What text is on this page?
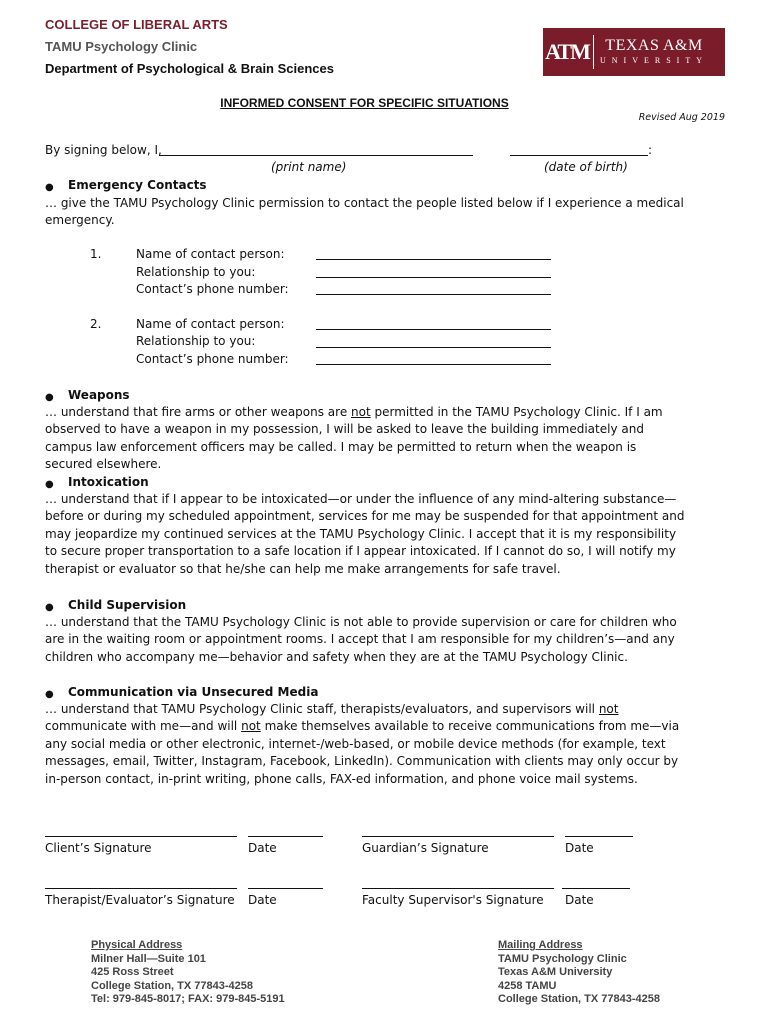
COLLEGE OF LIBERAL ARTS
TAMU Psychology Clinic
Department of Psychological & Brain Sciences
ATM TEXAS A&M
UNIVERSITY
INFORMED CONSENT FOR SPECIFIC SITUATIONS
Revised Aug 2019
By signing below, I,	:
(print name)	(date of birth)
● Emergency Contacts
… give the TAMU Psychology Clinic permission to contact the people listed below if I experience a medical emergency.
1.	Name of contact person:
Relationship to you:
Contact’s phone number:
2.	Name of contact person:
Relationship to you:
Contact’s phone number:
● Weapons
… understand that fire arms or other weapons are not permitted in the TAMU Psychology Clinic. If I am observed to have a weapon in my possession, I will be asked to leave the building immediately and campus law enforcement officers may be called. I may be permitted to return when the weapon is secured elsewhere.
● Intoxication
… understand that if I appear to be intoxicated—or under the influence of any mind-altering substance—before or during my scheduled appointment, services for me may be suspended for that appointment and may jeopardize my continued services at the TAMU Psychology Clinic. I accept that it is my responsibility to secure proper transportation to a safe location if I appear intoxicated. If I cannot do so, I will notify my therapist or evaluator so that he/she can help me make arrangements for safe travel.
● Child Supervision
… understand that the TAMU Psychology Clinic is not able to provide supervision or care for children who are in the waiting room or appointment rooms. I accept that I am responsible for my children’s—and any children who accompany me—behavior and safety when they are at the TAMU Psychology Clinic.
● Communication via Unsecured Media
… understand that TAMU Psychology Clinic staff, therapists/evaluators, and supervisors will not communicate with me—and will not make themselves available to receive communications from me—via any social media or other electronic, internet-/web-based, or mobile device methods (for example, text messages, email, Twitter, Instagram, Facebook, LinkedIn). Communication with clients may only occur by in-person contact, in-print writing, phone calls, FAX-ed information, and phone voice mail systems.
Client’s Signature	Date	Guardian’s Signature	Date
Therapist/Evaluator’s Signature Date	Faculty Supervisor's Signature Date
Physical Address
Milner Hall—Suite 101
425 Ross Street
College Station, TX 77843-4258
Tel: 979-845-8017; FAX: 979-845-5191
Mailing Address
TAMU Psychology Clinic
Texas A&M University
4258 TAMU
College Station, TX 77843-4258
